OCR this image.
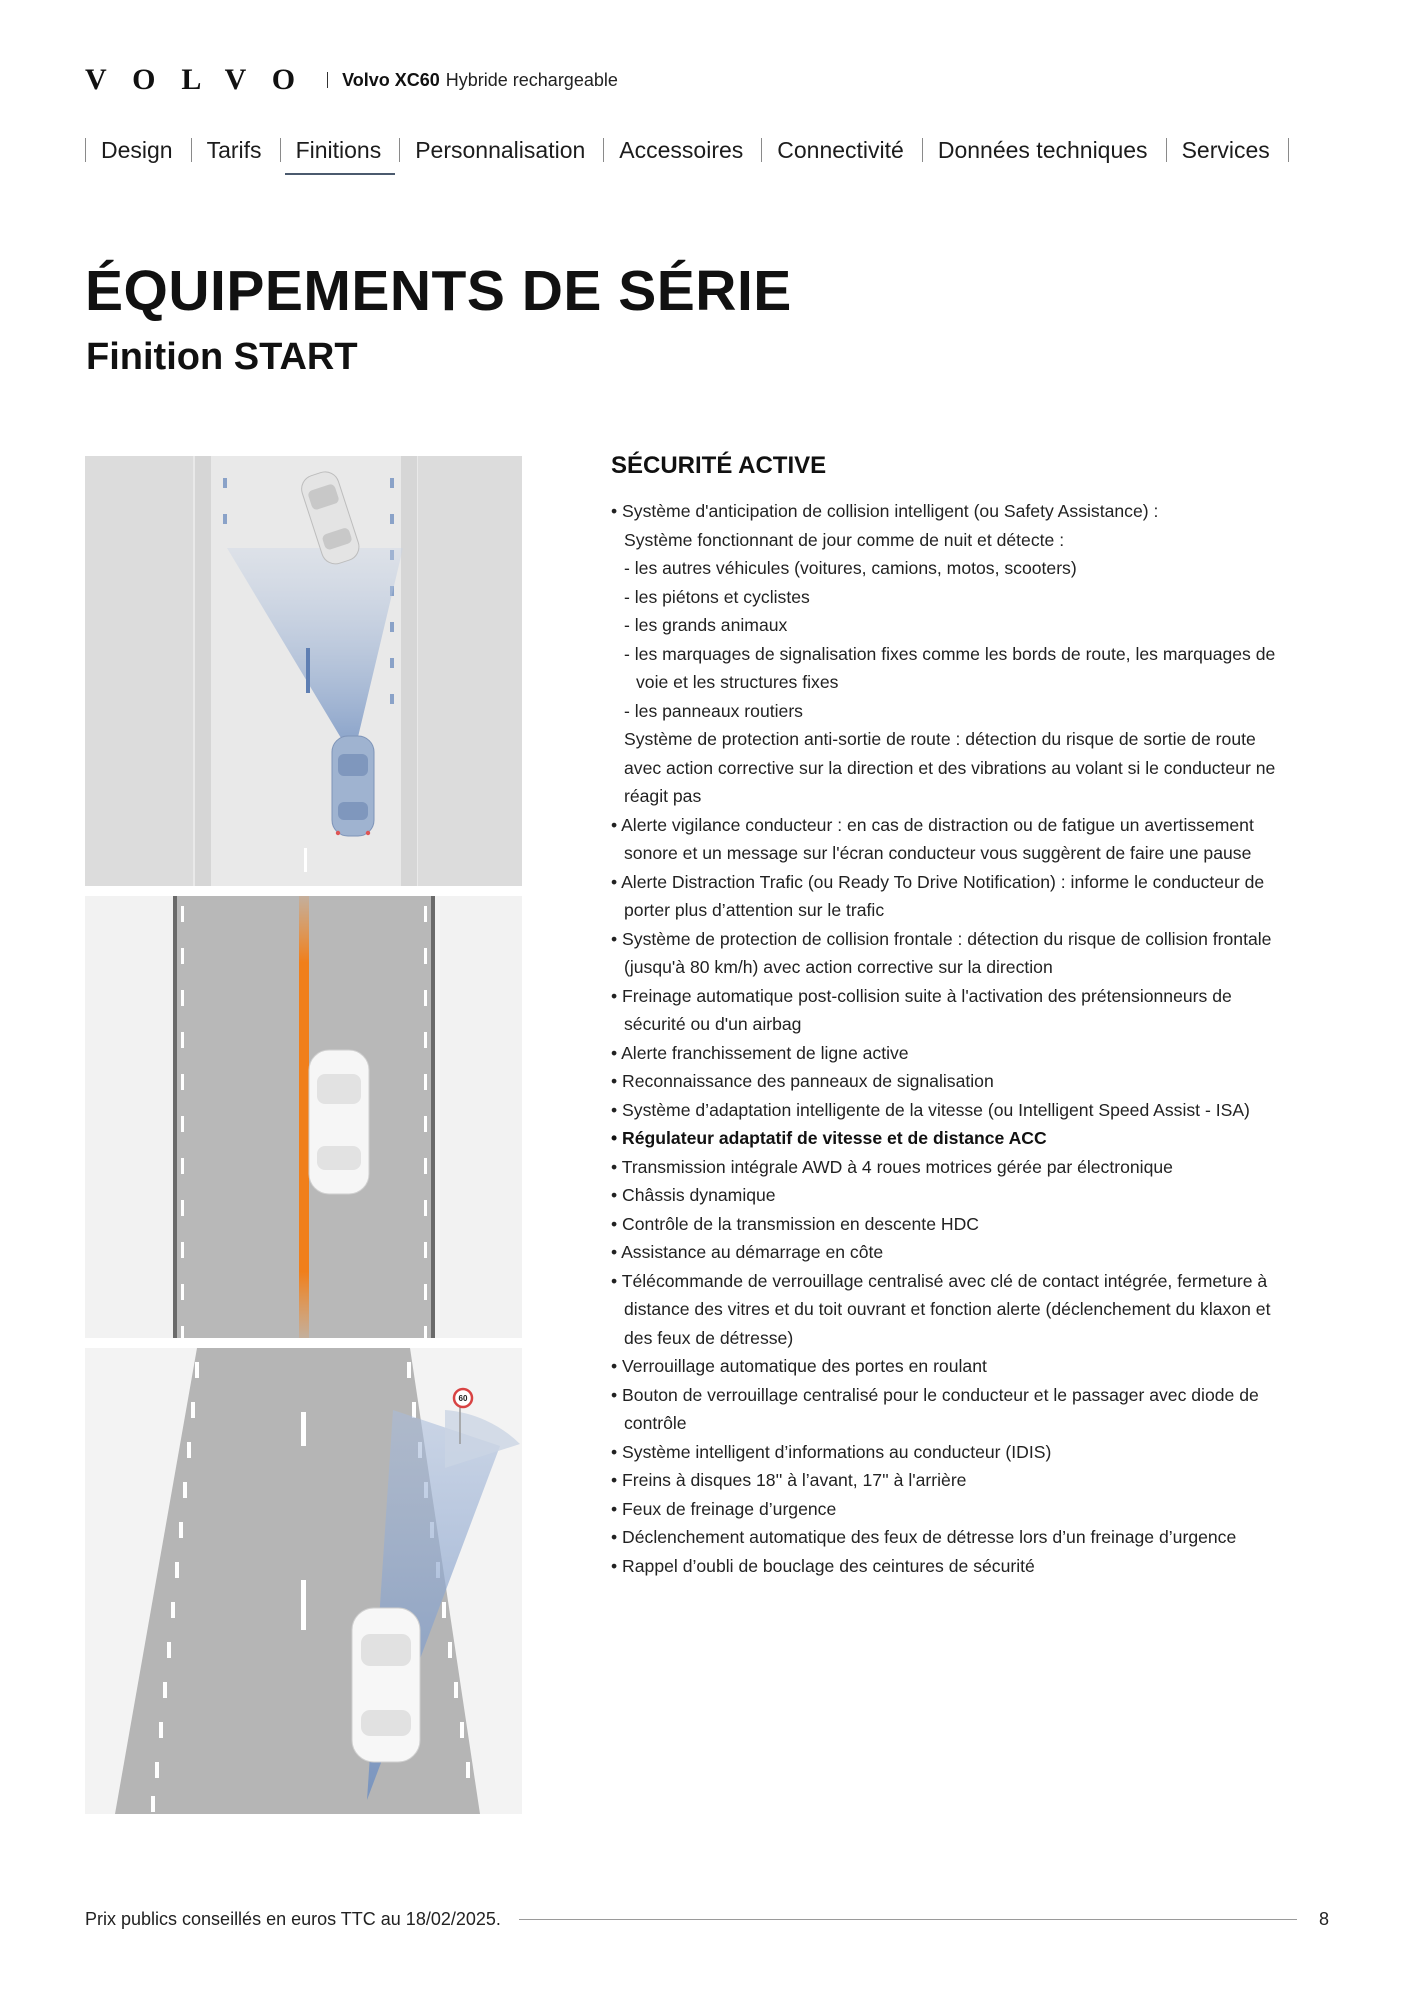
VOLVO Volvo XC60 Hybride rechargeable
Design	Tarifs	Finitions	Personnalisation	Accessoires	Connectivité	Données techniques	Services
ÉQUIPEMENTS DE SÉRIE
Finition START
60
SÉCURITÉ ACTIVE
• Système d'anticipation de collision intelligent (ou Safety Assistance) :
Système fonctionnant de jour comme de nuit et détecte :
- les autres véhicules (voitures, camions, motos, scooters)
- les piétons et cyclistes
- les grands animaux
- les marquages de signalisation fixes comme les bords de route, les marquages de
voie et les structures fixes
- les panneaux routiers
Système de protection anti-sortie de route : détection du risque de sortie de route
avec action corrective sur la direction et des vibrations au volant si le conducteur ne
réagit pas
• Alerte vigilance conducteur : en cas de distraction ou de fatigue un avertissement
sonore et un message sur l'écran conducteur vous suggèrent de faire une pause
• Alerte Distraction Trafic (ou Ready To Drive Notification) : informe le conducteur de
porter plus d’attention sur le trafic
• Système de protection de collision frontale : détection du risque de collision frontale
(jusqu'à 80 km/h) avec action corrective sur la direction
• Freinage automatique post-collision suite à l'activation des prétensionneurs de
sécurité ou d'un airbag
• Alerte franchissement de ligne active
• Reconnaissance des panneaux de signalisation
• Système d’adaptation intelligente de la vitesse (ou Intelligent Speed Assist - ISA)
• Régulateur adaptatif de vitesse et de distance ACC
• Transmission intégrale AWD à 4 roues motrices gérée par électronique
• Châssis dynamique
• Contrôle de la transmission en descente HDC
• Assistance au démarrage en côte
• Télécommande de verrouillage centralisé avec clé de contact intégrée, fermeture à
distance des vitres et du toit ouvrant et fonction alerte (déclenchement du klaxon et
des feux de détresse)
• Verrouillage automatique des portes en roulant
• Bouton de verrouillage centralisé pour le conducteur et le passager avec diode de
contrôle
• Système intelligent d’informations au conducteur (IDIS)
• Freins à disques 18'' à l’avant, 17'' à l'arrière
• Feux de freinage d’urgence
• Déclenchement automatique des feux de détresse lors d’un freinage d’urgence
• Rappel d’oubli de bouclage des ceintures de sécurité
Prix publics conseillés en euros TTC au 18/02/2025.	8
